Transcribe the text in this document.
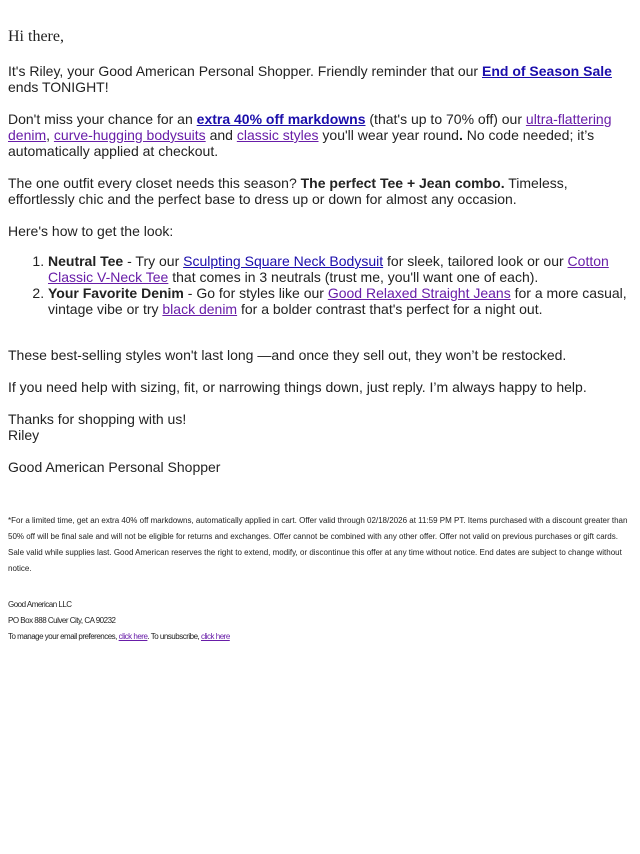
Hi there,

It's Riley, your Good American Personal Shopper. Friendly reminder that our End of Season Sale ends TONIGHT!

Don't miss your chance for an extra 40% off markdowns (that's up to 70% off) our ultra-flattering denim, curve-hugging bodysuits and classic styles you'll wear year round. No code needed; it’s automatically applied at checkout.

The one outfit every closet needs this season? The perfect Tee + Jean combo. Timeless, effortlessly chic and the perfect base to dress up or down for almost any occasion.

Here's how to get the look:

1. Neutral Tee - Try our Sculpting Square Neck Bodysuit for sleek, tailored look or our Cotton Classic V-Neck Tee that comes in 3 neutrals (trust me, you'll want one of each).
2. Your Favorite Denim - Go for styles like our Good Relaxed Straight Jeans for a more casual, vintage vibe or try black denim for a bolder contrast that's perfect for a night out.

These best-selling styles won't last long —and once they sell out, they won’t be restocked.

If you need help with sizing, fit, or narrowing things down, just reply. I’m always happy to help.

Thanks for shopping with us!

Riley

Good American Personal Shopper

*For a limited time, get an extra 40% off markdowns, automatically applied in cart. Offer valid through 02/18/2026 at 11:59 PM PT. Items purchased with a discount greater than 50% off will be final sale and will not be eligible for returns and exchanges. Offer cannot be combined with any other offer. Offer not valid on previous purchases or gift cards. Sale valid while supplies last. Good American reserves the right to extend, modify, or discontinue this offer at any time without notice. End dates are subject to change without notice.
Good American LLC
PO Box 888 Culver City, CA 90232
To manage your email preferences, click here. To unsubscribe, click here
